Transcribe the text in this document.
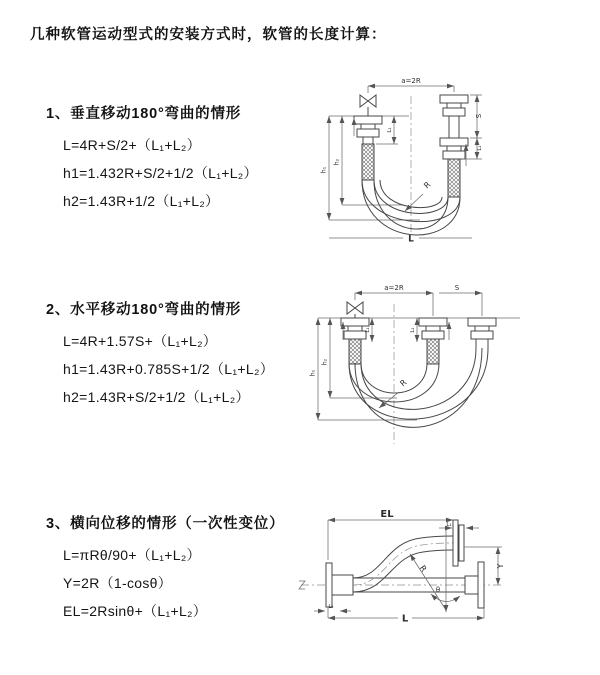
几种软管运动型式的安装方式时，软管的长度计算：
1、垂直移动180°弯曲的情形
L=4R+S/2+（L₁+L₂）
h1=1.432R+S/2+1/2（L₁+L₂）
h2=1.43R+1/2（L₁+L₂）
2、水平移动180°弯曲的情形
L=4R+1.57S+（L₁+L₂）
h1=1.43R+0.785S+1/2（L₁+L₂）
h2=1.43R+S/2+1/2（L₁+L₂）
3、横向位移的情形（一次性变位）
L=πRθ/90+（L₁+L₂）
Y=2R（1-cosθ）
EL=2Rsinθ+（L₁+L₂）
a=2R
L₁
S
L₁
h₁
h₂
R
L
a=2R	S
L₁	L₁
h₁
h₂
R
EL
L₁
Y
R
θ
L₂
L
